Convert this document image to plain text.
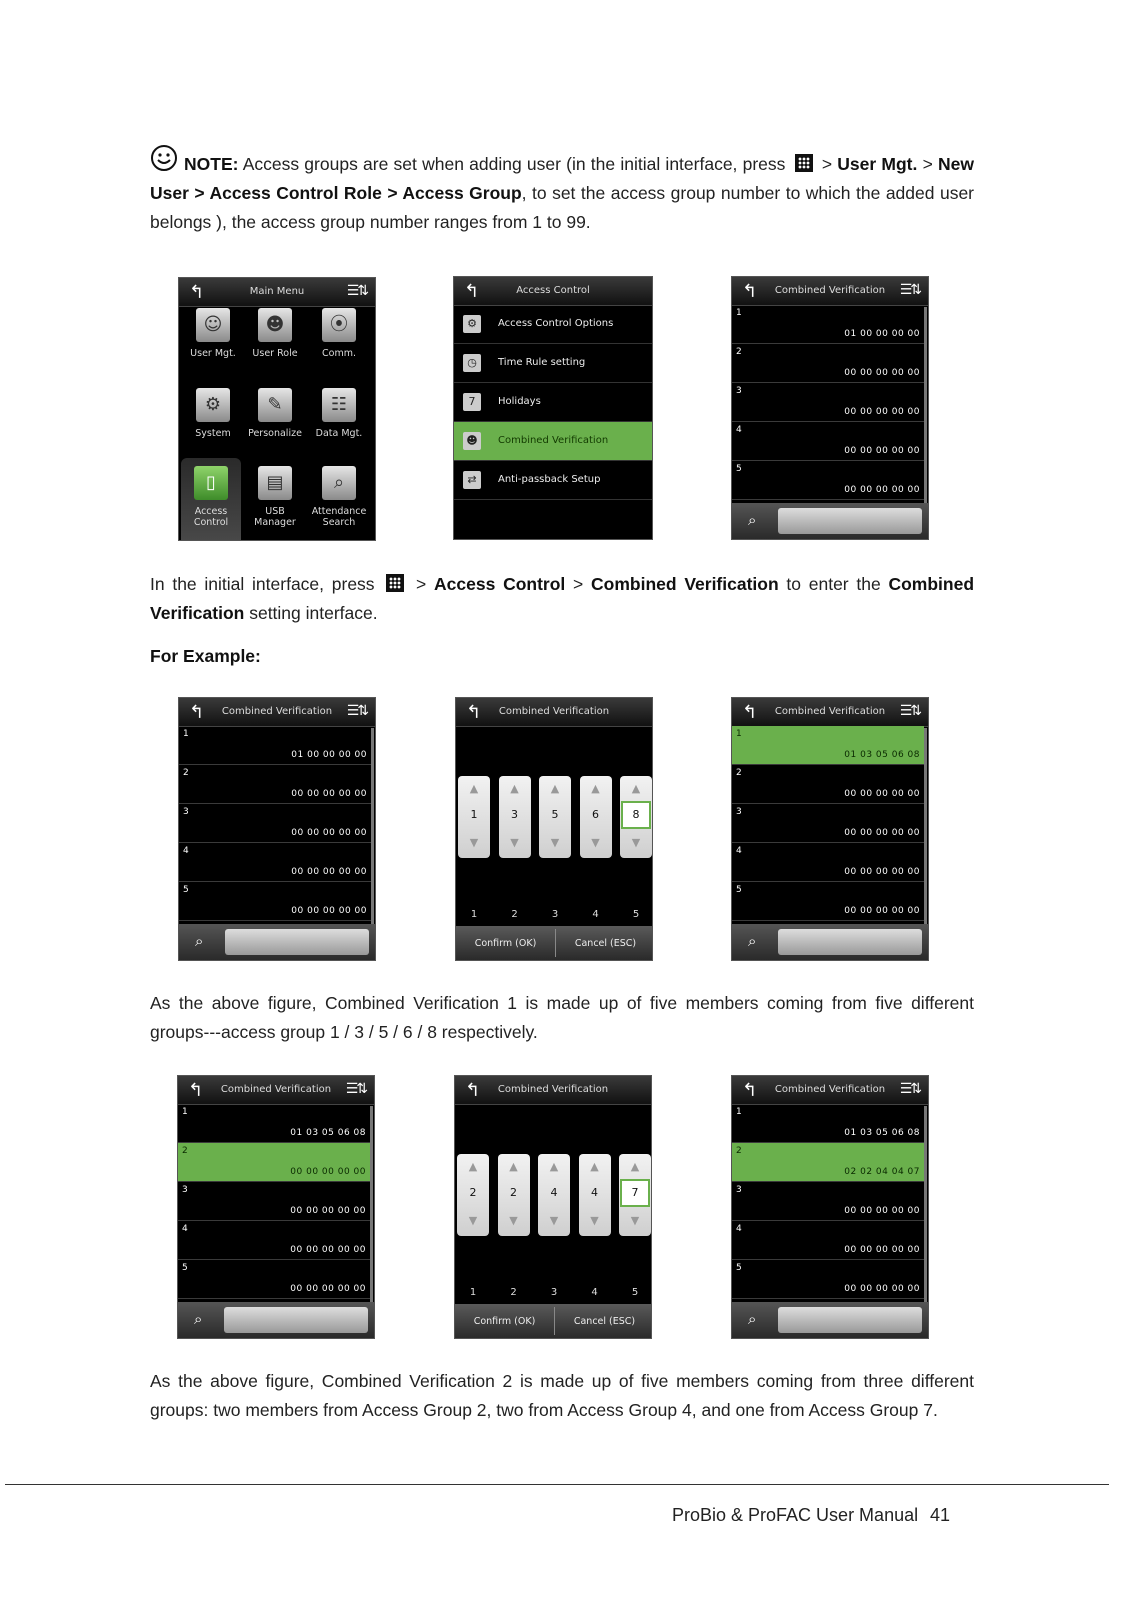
NOTE: Access groups are set when adding user (in the initial interface, press  > User Mgt. > New User > Access Control Role > Access Group, to set the access group number to which the added user belongs ), the access group number ranges from 1 to 99.
↰	Main Menu	☰⇅
☺
User Mgt.
☻
User Role
⦿
Comm.
⚙
System
✎
Personalize
☷
Data Mgt.
▯
Access
Control
▤
USB
Manager
⌕
Attendance
Search
↰	Access Control
⚙	Access Control Options
◷	Time Rule setting
7	Holidays
☻	Combined Verification
⇄	Anti-passback Setup
↰	Combined Verification	☰⇅
1
01 00 00 00 00
2
00 00 00 00 00
3
00 00 00 00 00
4
00 00 00 00 00
5
00 00 00 00 00
⌕
In the initial interface, press  > Access Control > Combined Verification to enter the Combined Verification setting interface.
For Example:
↰	Combined Verification	☰⇅
1
01 00 00 00 00
2
00 00 00 00 00
3
00 00 00 00 00
4
00 00 00 00 00
5
00 00 00 00 00
⌕
↰	Combined Verification
▲
1
▼
1
▲
3
▼
2
▲
5
▼
3
▲
6
▼
4
▲
8
▼
5
Confirm (OK)	Cancel (ESC)
↰	Combined Verification	☰⇅
1
01 03 05 06 08
2
00 00 00 00 00
3
00 00 00 00 00
4
00 00 00 00 00
5
00 00 00 00 00
⌕
As the above figure, Combined Verification 1 is made up of five members coming from five different groups---access group 1 / 3 / 5 / 6 / 8 respectively.
↰	Combined Verification	☰⇅
1
01 03 05 06 08
2
00 00 00 00 00
3
00 00 00 00 00
4
00 00 00 00 00
5
00 00 00 00 00
⌕
↰	Combined Verification
▲
2
▼
1
▲
2
▼
2
▲
4
▼
3
▲
4
▼
4
▲
7
▼
5
Confirm (OK)	Cancel (ESC)
↰	Combined Verification	☰⇅
1
01 03 05 06 08
2
02 02 04 04 07
3
00 00 00 00 00
4
00 00 00 00 00
5
00 00 00 00 00
⌕
As the above figure, Combined Verification 2 is made up of five members coming from three different groups: two members from Access Group 2, two from Access Group 4, and one from Access Group 7.
ProBio & ProFAC User Manual 41
